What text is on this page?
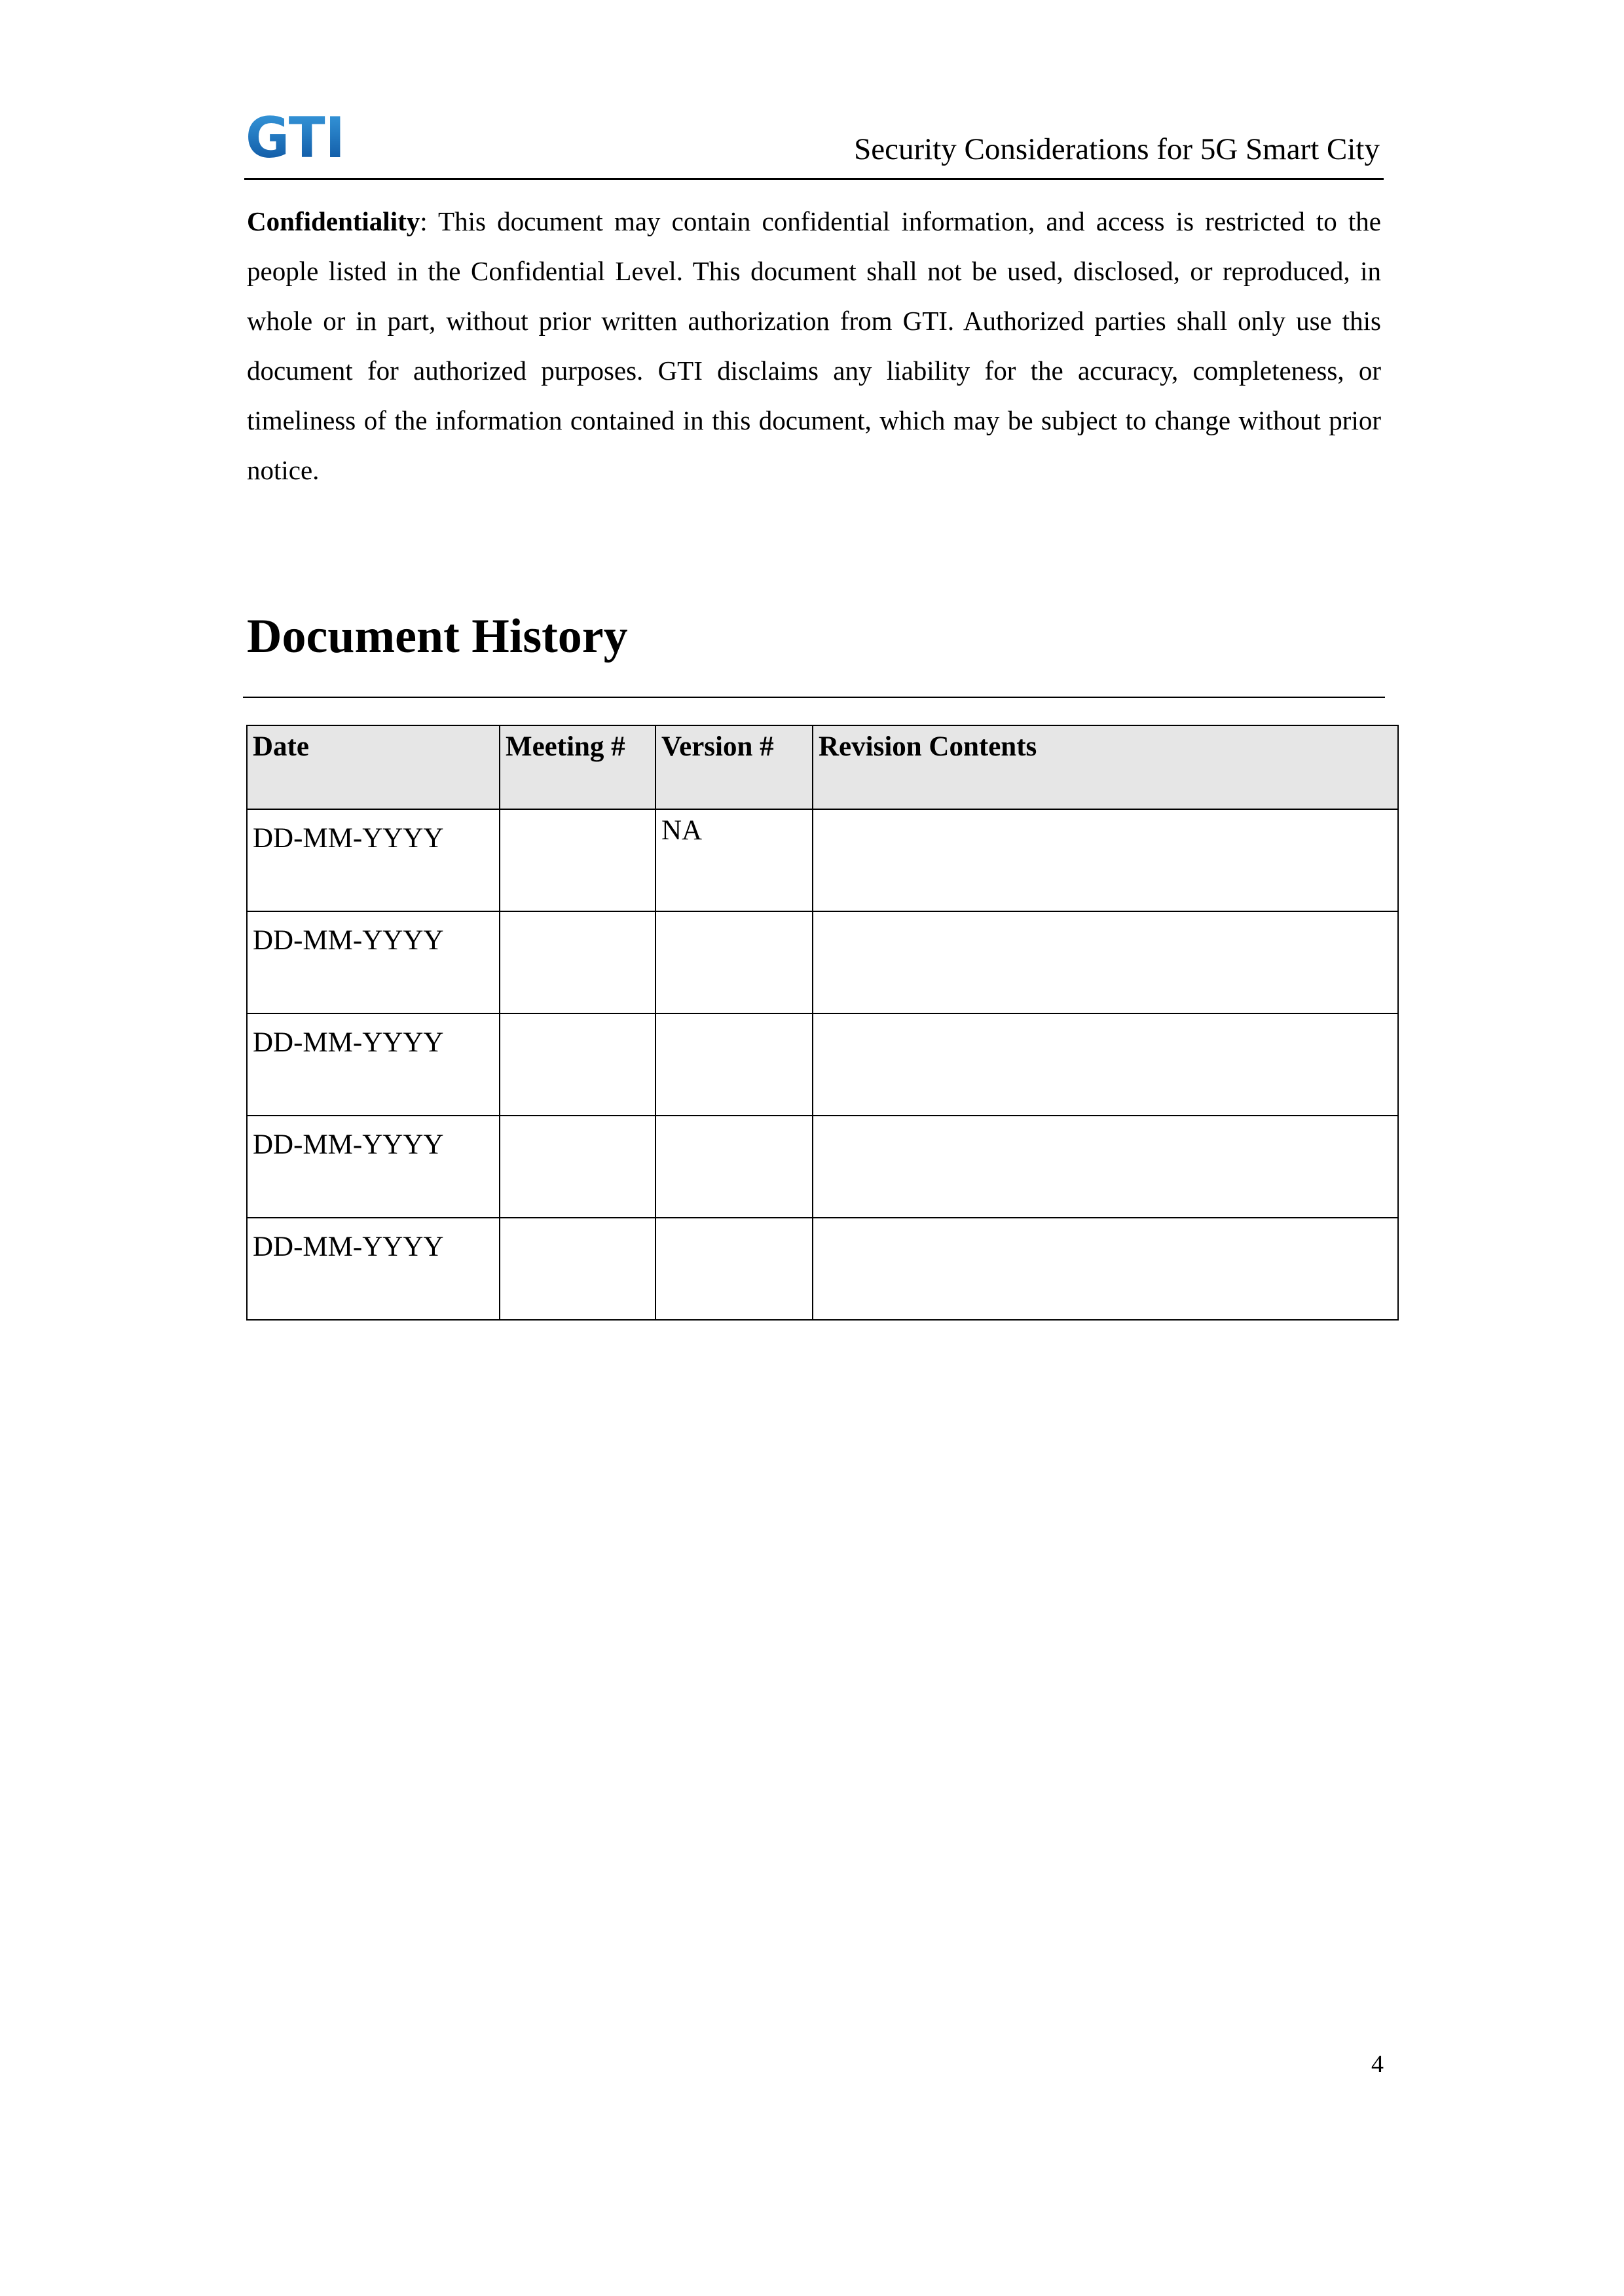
GTI	Security Considerations for 5G Smart City
Confidentiality: This document may contain confidential information, and access is restricted to the people listed in the Confidential Level. This document shall not be used, disclosed, or reproduced, in whole or in part, without prior written authorization from GTI. Authorized parties shall only use this document for authorized purposes. GTI disclaims any liability for the accuracy, completeness, or timeliness of the information contained in this document, which may be subject to change without prior notice.
Document History
Date	Meeting #	Version #	Revision Contents
DD-MM-YYYY		NA	
DD-MM-YYYY			
DD-MM-YYYY			
DD-MM-YYYY			
DD-MM-YYYY			
4
